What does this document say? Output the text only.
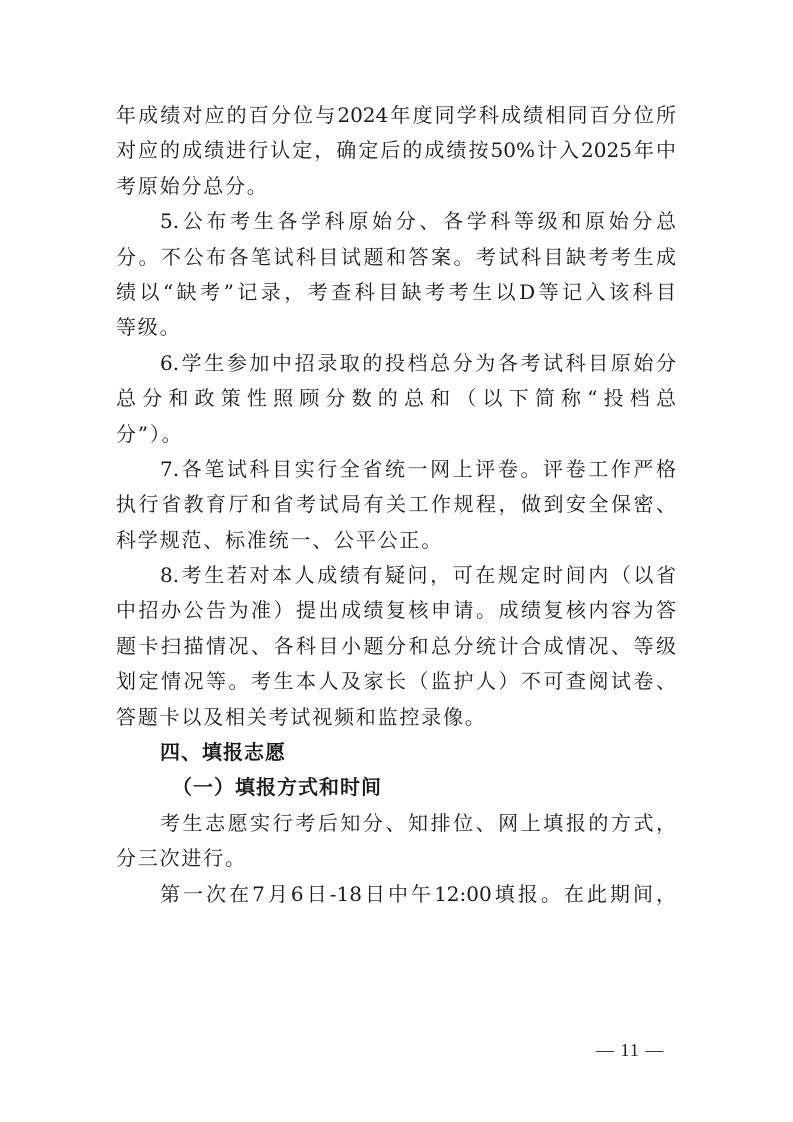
年成绩对应的百分位与2024年度同学科成绩相同百分位所
对应的成绩进行认定，确定后的成绩按50%计入2025年中
考原始分总分。
5.公布考生各学科原始分、各学科等级和原始分总
分。不公布各笔试科目试题和答案。考试科目缺考考生成
绩以“缺考”记录，考查科目缺考考生以D等记入该科目
等级。
6.学生参加中招录取的投档总分为各考试科目原始分
总分和政策性照顾分数的总和（以下简称“投档总
分”）。
7.各笔试科目实行全省统一网上评卷。评卷工作严格
执行省教育厅和省考试局有关工作规程，做到安全保密、
科学规范、标准统一、公平公正。
8.考生若对本人成绩有疑问，可在规定时间内（以省
中招办公告为准）提出成绩复核申请。成绩复核内容为答
题卡扫描情况、各科目小题分和总分统计合成情况、等级
划定情况等。考生本人及家长（监护人）不可查阅试卷、
答题卡以及相关考试视频和监控录像。
四、填报志愿
（一）填报方式和时间
考生志愿实行考后知分、知排位、网上填报的方式，
分三次进行。
第一次在7月6日-18日中午12:00填报。在此期间，
— 11 —
